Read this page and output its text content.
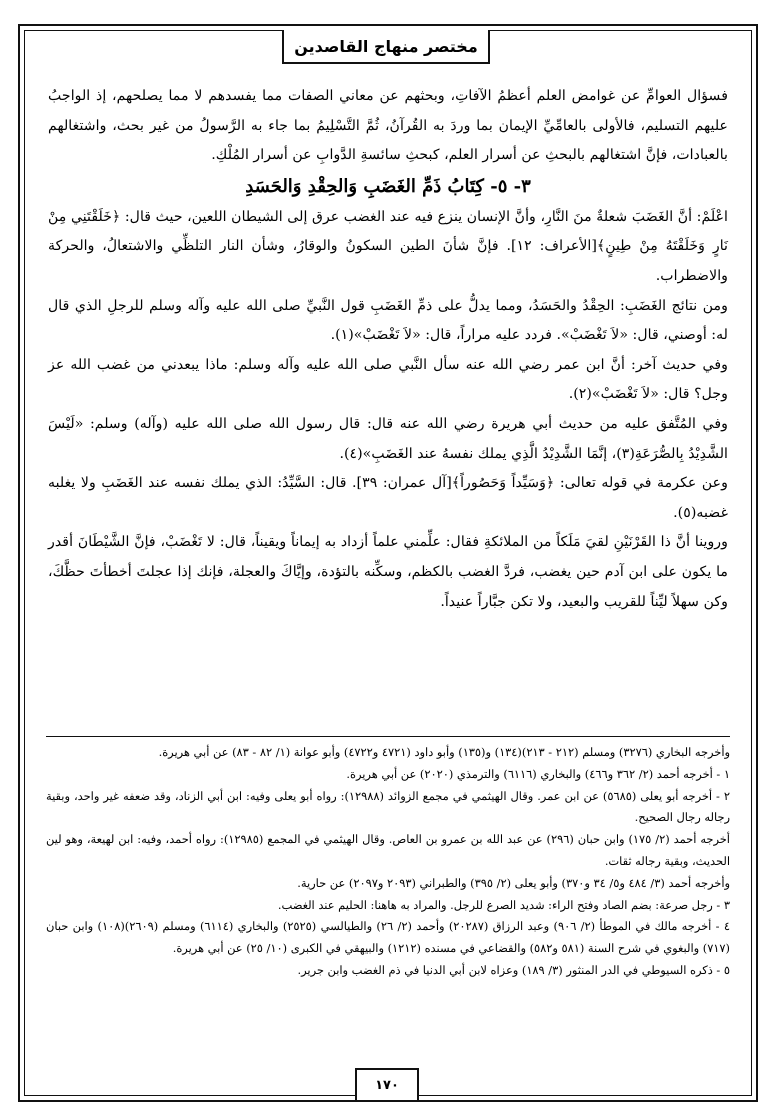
مختصر منهاج القاصدين

فسؤال العوامِّ عن غوامض العلم أعظمُ الآفاتِ، وبحثهم عن معاني الصفات مما يفسدهم لا مما يصلحهم، إذ الواجبُ عليهم التسليم، فالأولى بالعامِّيِّ الإيمان بما وردَ به القُرآنُ، ثُمَّ التَّسْلِيمُ بما جاء به الرَّسولُ من غير بحث، واشتغالهم بالعبادات، فإنَّ اشتغالهم بالبحثِ عن أسرار العلم، كبحثِ سائسةِ الدَّوابِ عن أسرار المُلْكِ.

٣- ٥- كِتَابُ ذَمِّ الغَضَبِ وَالحِقْدِ وَالحَسَدِ

اعْلَمْ: أنَّ الغَضَبَ شعلةٌ منَ النَّارِ، وأنَّ الإنسان ينزع فيه عند الغضب عرق إلى الشيطان اللعين، حيث قال: ﴿خَلَقْتَنِي مِنْ نَارٍ وَخَلَقْتَهُ مِنْ طِينٍ﴾[الأعراف: ١٢]. فإنَّ شأنَ الطين السكونُ والوقارُ، وشأن النار التلظِّي والاشتعالُ، والحركة والاضطراب.

ومن نتائج الغَضَبِ: الحِقْدُ والحَسَدُ، ومما يدلُّ على ذمِّ الغَضَبِ قول النَّبيِّ صلى الله عليه وآله وسلم للرجلِ الذي قال له: أوصني، قال: «لاَ تَغْضَبْ». فردد عليه مراراً، قال: «لاَ تَغْضَبْ»(١).

وفي حديث آخر: أنَّ ابن عمر رضي الله عنه سأل النَّبي صلى الله عليه وآله وسلم: ماذا يبعدني من غضب الله عز وجل؟ قال: «لاَ تَغْضَبْ»(٢).

وفي المُتَّفق عليه من حديث أبي هريرة رضي الله عنه قال: قال رسول الله صلى الله عليه (وآله) وسلم: «لَيْسَ الشَّدِيْدُ بِالصُّرَعَةِ(٣)، إنَّمَا الشَّدِيْدُ الَّذِي يملك نفسهُ عند الغَضَبِ»(٤).

وعن عكرمة في قوله تعالى: ﴿وَسَيِّداً وَحَصُوراً﴾[آل عمران: ٣٩]. قال: السَّيِّدُ: الذي يملك نفسه عند الغَضَبِ ولا يغلبه غضبه(٥).

وروينا أنَّ ذا القَرْنَيْنِ لقيَ مَلَكاً من الملائكةِ فقال: علِّمني علماً أزداد به إيماناً ويقيناً، قال: لا تَغْضَبْ، فإنَّ الشَّيْطَانَ أقدر ما يكون على ابن آدم حين يغضب، فردَّ الغضب بالكظم، وسكِّنه بالتؤدة، وإيَّاكَ والعجلة، فإنك إذا عجلتَ أخطأتَ حظَّكَ، وكن سهلاً ليِّناً للقريب والبعيد، ولا تكن جبَّاراً عنيداً.

وأخرجه البخاري (٣٢٧٦) ومسلم (٢١٢ - ٢١٣)(١٣٤) و(١٣٥) وأبو داود (٤٧٢١ و٤٧٢٢) وأبو عوانة (١/ ٨٢ - ٨٣) عن أبي هريرة.

١ - أخرجه أحمد (٢/ ٣٦٢ و٤٦٦) والبخاري (٦١١٦) والترمذي (٢٠٢٠) عن أبي هريرة.

٢ - أخرجه أبو يعلى (٥٦٨٥) عن ابن عمر. وقال الهيثمي في مجمع الزوائد (١٢٩٨٨): رواه أبو يعلى وفيه: ابن أبي الزناد، وقد ضعفه غير واحد، وبقية رجاله رجال الصحيح.

أخرجه أحمد (٢/ ١٧٥) وابن حبان (٢٩٦) عن عبد الله بن عمرو بن العاص. وقال الهيثمي في المجمع (١٢٩٨٥): رواه أحمد، وفيه: ابن لهيعة، وهو لين الحديث، وبقية رجاله ثقات.

وأخرجه أحمد (٣/ ٤٨٤ و٥/ ٣٤ و٣٧٠) وأبو يعلى (٢/ ٣٩٥) والطبراني (٢٠٩٣ و٢٠٩٧) عن حارية.

٣ - رجل صرعة: بضم الصاد وفتح الراء: شديد الصرع للرجل. والمراد به هاهنا: الحليم عند الغضب.

٤ - أخرجه مالك في الموطأ (٢/ ٩٠٦) وعبد الرزاق (٢٠٢٨٧) وأحمد (٢/ ٢٦) والطيالسي (٢٥٢٥) والبخاري (٦١١٤) ومسلم (٢٦٠٩)(١٠٨) وابن حبان (٧١٧) والبغوي في شرح السنة (٥٨١ و٥٨٢) والقضاعي في مسنده (١٢١٢) والبيهقي في الكبرى (١٠/ ٢٥) عن أبي هريرة.

٥ - ذكره السيوطي في الدر المنثور (٣/ ١٨٩) وعزاه لابن أبي الدنيا في ذم الغضب وابن جرير.

١٧٠
